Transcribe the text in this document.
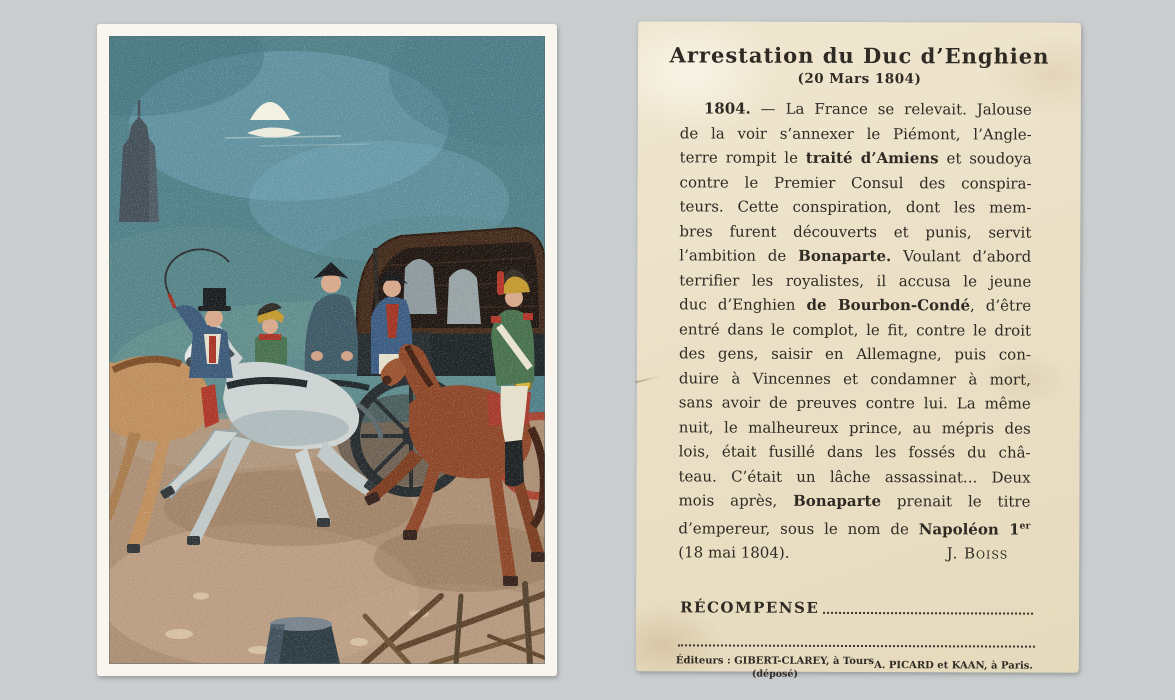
Arrestation du Duc d’Enghien
(20 Mars 1804)
1804. — La France se relevait. Jalouse
de la voir s’annexer le Piémont, l’Angle-
terre rompit le traité d’Amiens et soudoya
contre le Premier Consul des conspira-
teurs. Cette conspiration, dont les mem-
bres furent découverts et punis, servit
l’ambition de Bonaparte. Voulant d’abord
terrifier les royalistes, il accusa le jeune
duc d’Enghien de Bourbon-Condé, d’être
entré dans le complot, le fit, contre le droit
des gens, saisir en Allemagne, puis con-
duire à Vincennes et condamner à mort,
sans avoir de preuves contre lui. La même
nuit, le malheureux prince, au mépris des
lois, était fusillé dans les fossés du châ-
teau. C’était un lâche assassinat... Deux
mois après, Bonaparte prenait le titre
d’empereur, sous le nom de Napoléon 1er
(18 mai 1804).	J. Boiss
RÉCOMPENSE
Éditeurs : GIBERT-CLAREY, à Tours
(déposé)
A. PICARD et KAAN, à Paris.
